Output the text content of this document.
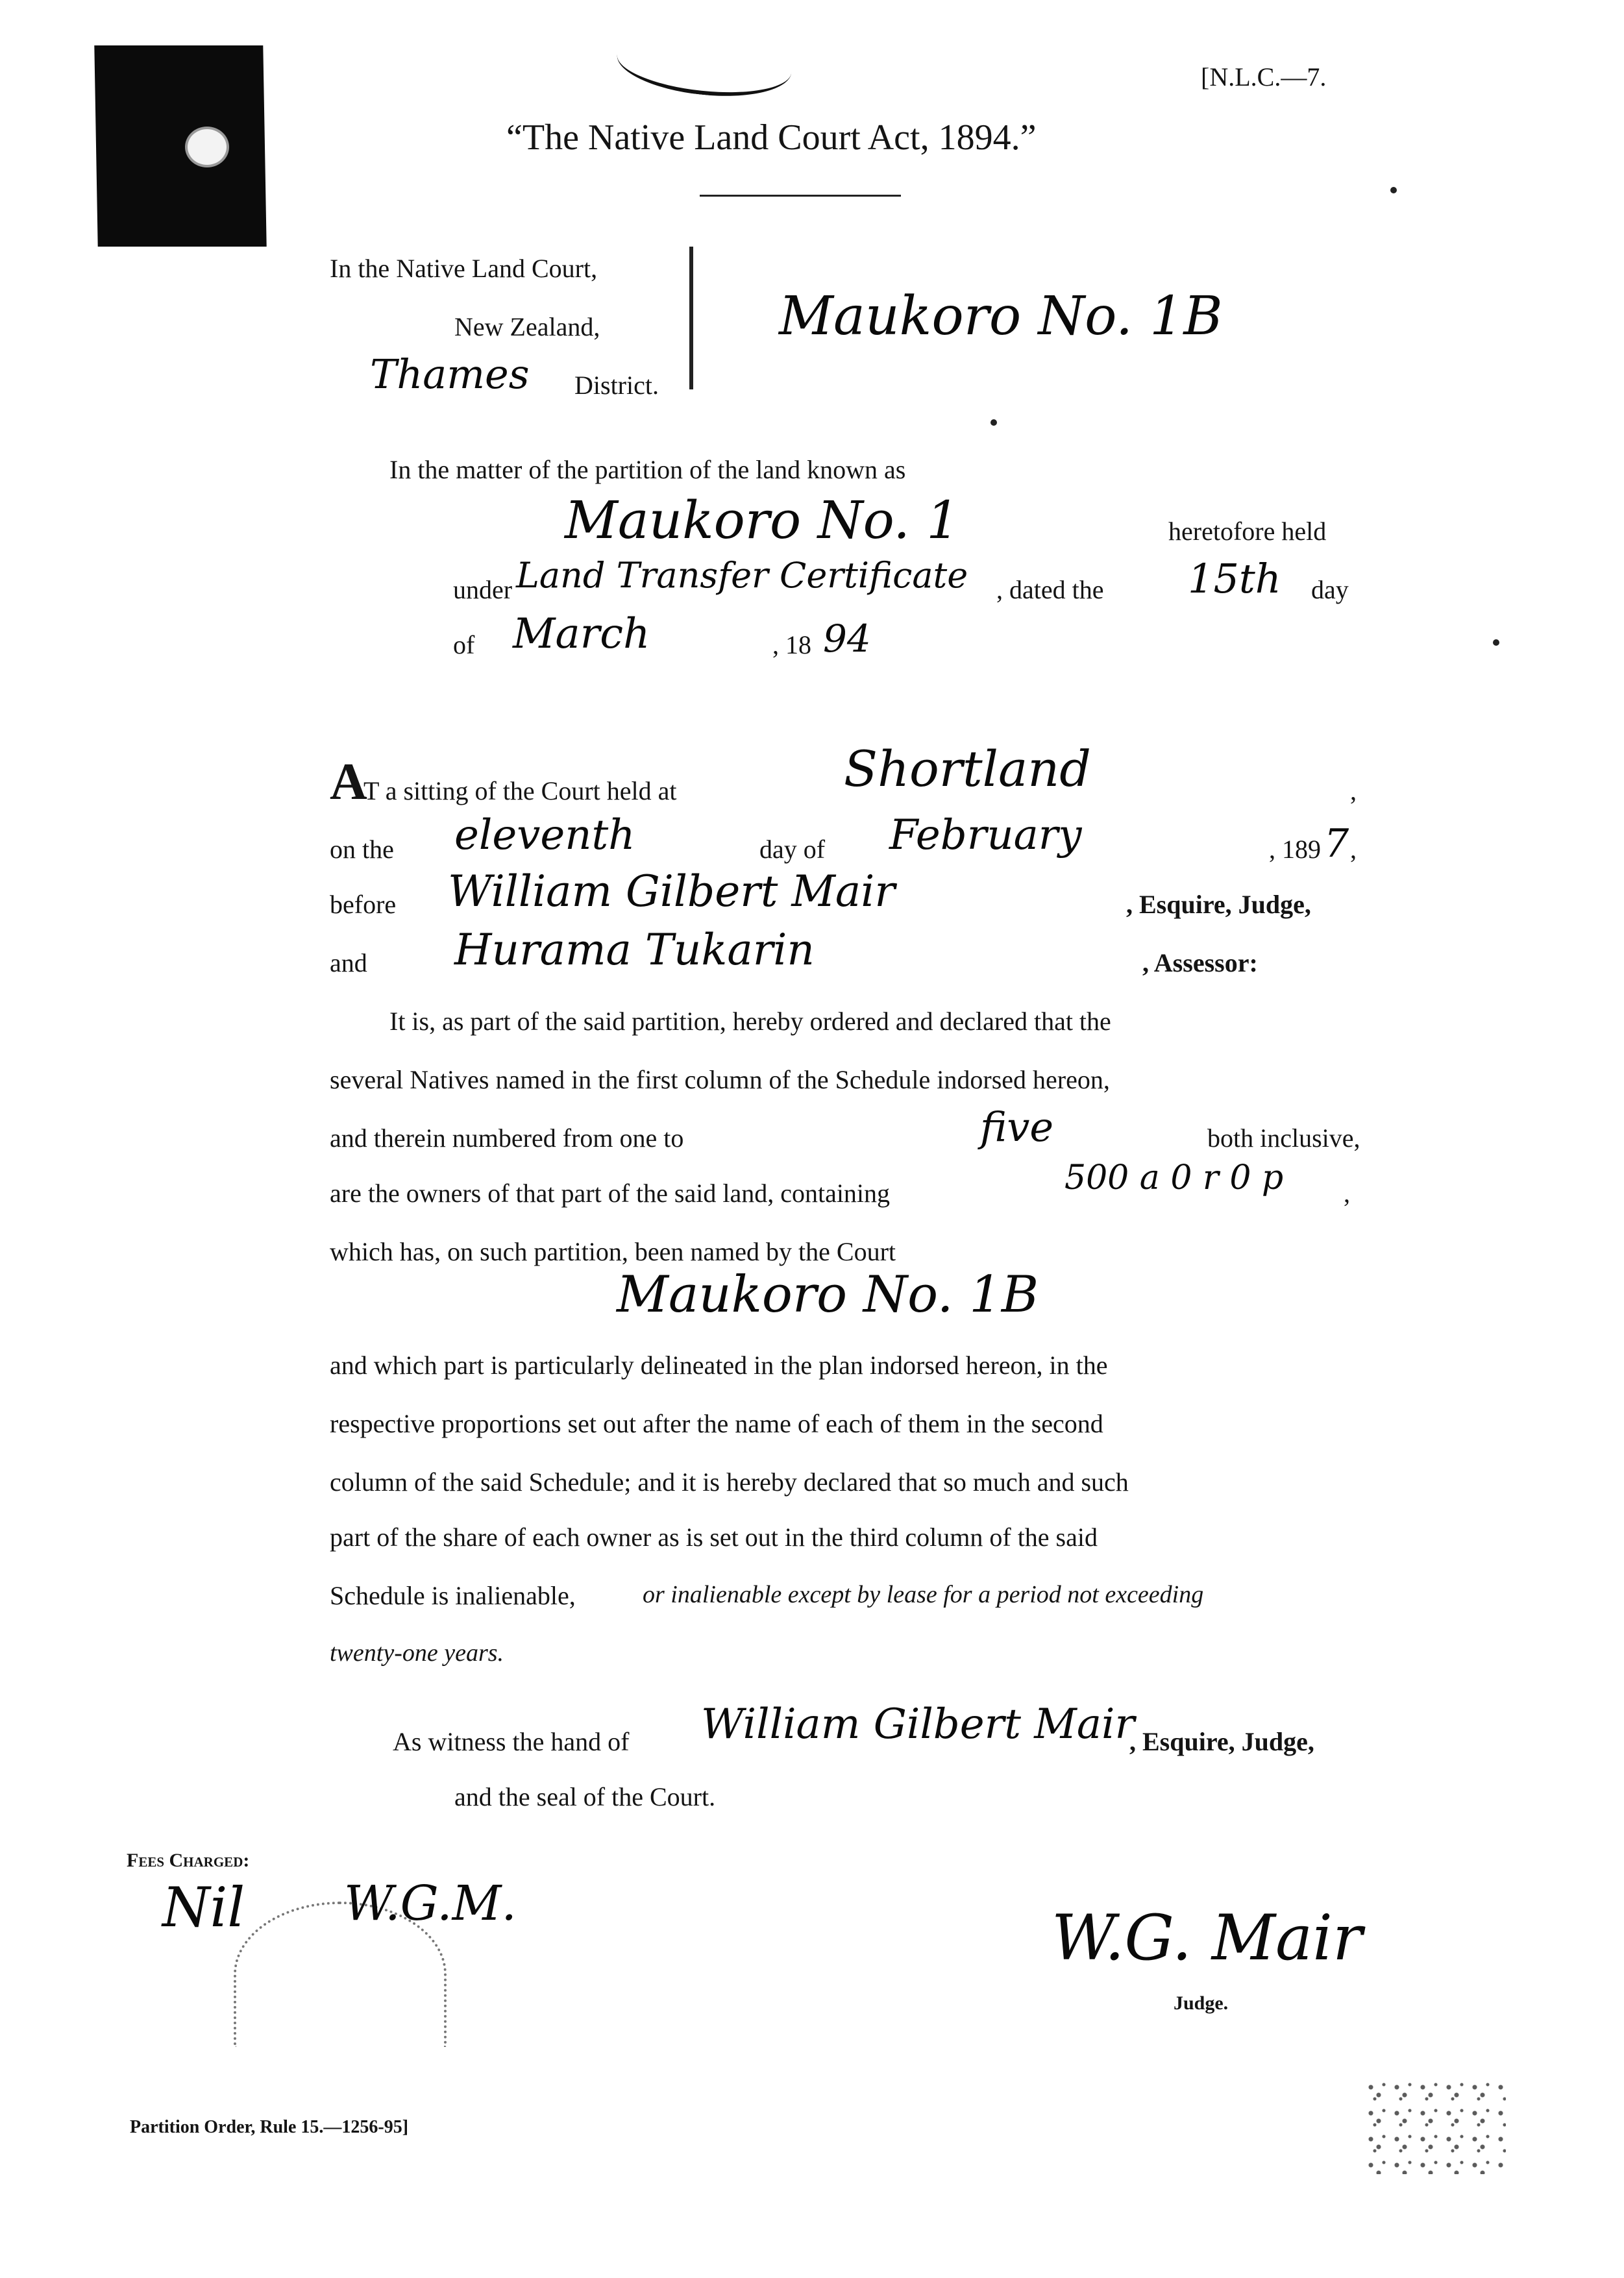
[N.L.C.—7.
“The Native Land Court Act, 1894.”
In the Native Land Court,
New Zealand,
Thames District.
Maukoro No. 1B
In the matter of the partition of the land known as
Maukoro No. 1	heretofore held
under Land Transfer Certificate , dated the 15th day
of March	, 18 94
A
T a sitting of the Court held at	Shortland	,
on the eleventh	day of February	, 189 7 ,
before William Gilbert Mair	, Esquire, Judge,
and Hurama Tukarin	, Assessor:
It is, as part of the said partition, hereby ordered and declared that the
several Natives named in the first column of the Schedule indorsed hereon,
and therein numbered from one to	five	both inclusive,
are the owners of that part of the said land, containing	500 a 0 r 0 p ,
which has, on such partition, been named by the Court
Maukoro No. 1B
and which part is particularly delineated in the plan indorsed hereon, in the
respective proportions set out after the name of each of them in the second
column of the said Schedule; and it is hereby declared that so much and such
part of the share of each owner as is set out in the third column of the said
Schedule is inalienable,	or inalienable except by lease for a period not exceeding
twenty-one years.
As witness the hand of William Gilbert Mair
, Esquire, Judge,
and the seal of the Court.
Fees Charged:
Nil W.G.M.	W.G. Mair
Judge.
Partition Order, Rule 15.—1256-95]
